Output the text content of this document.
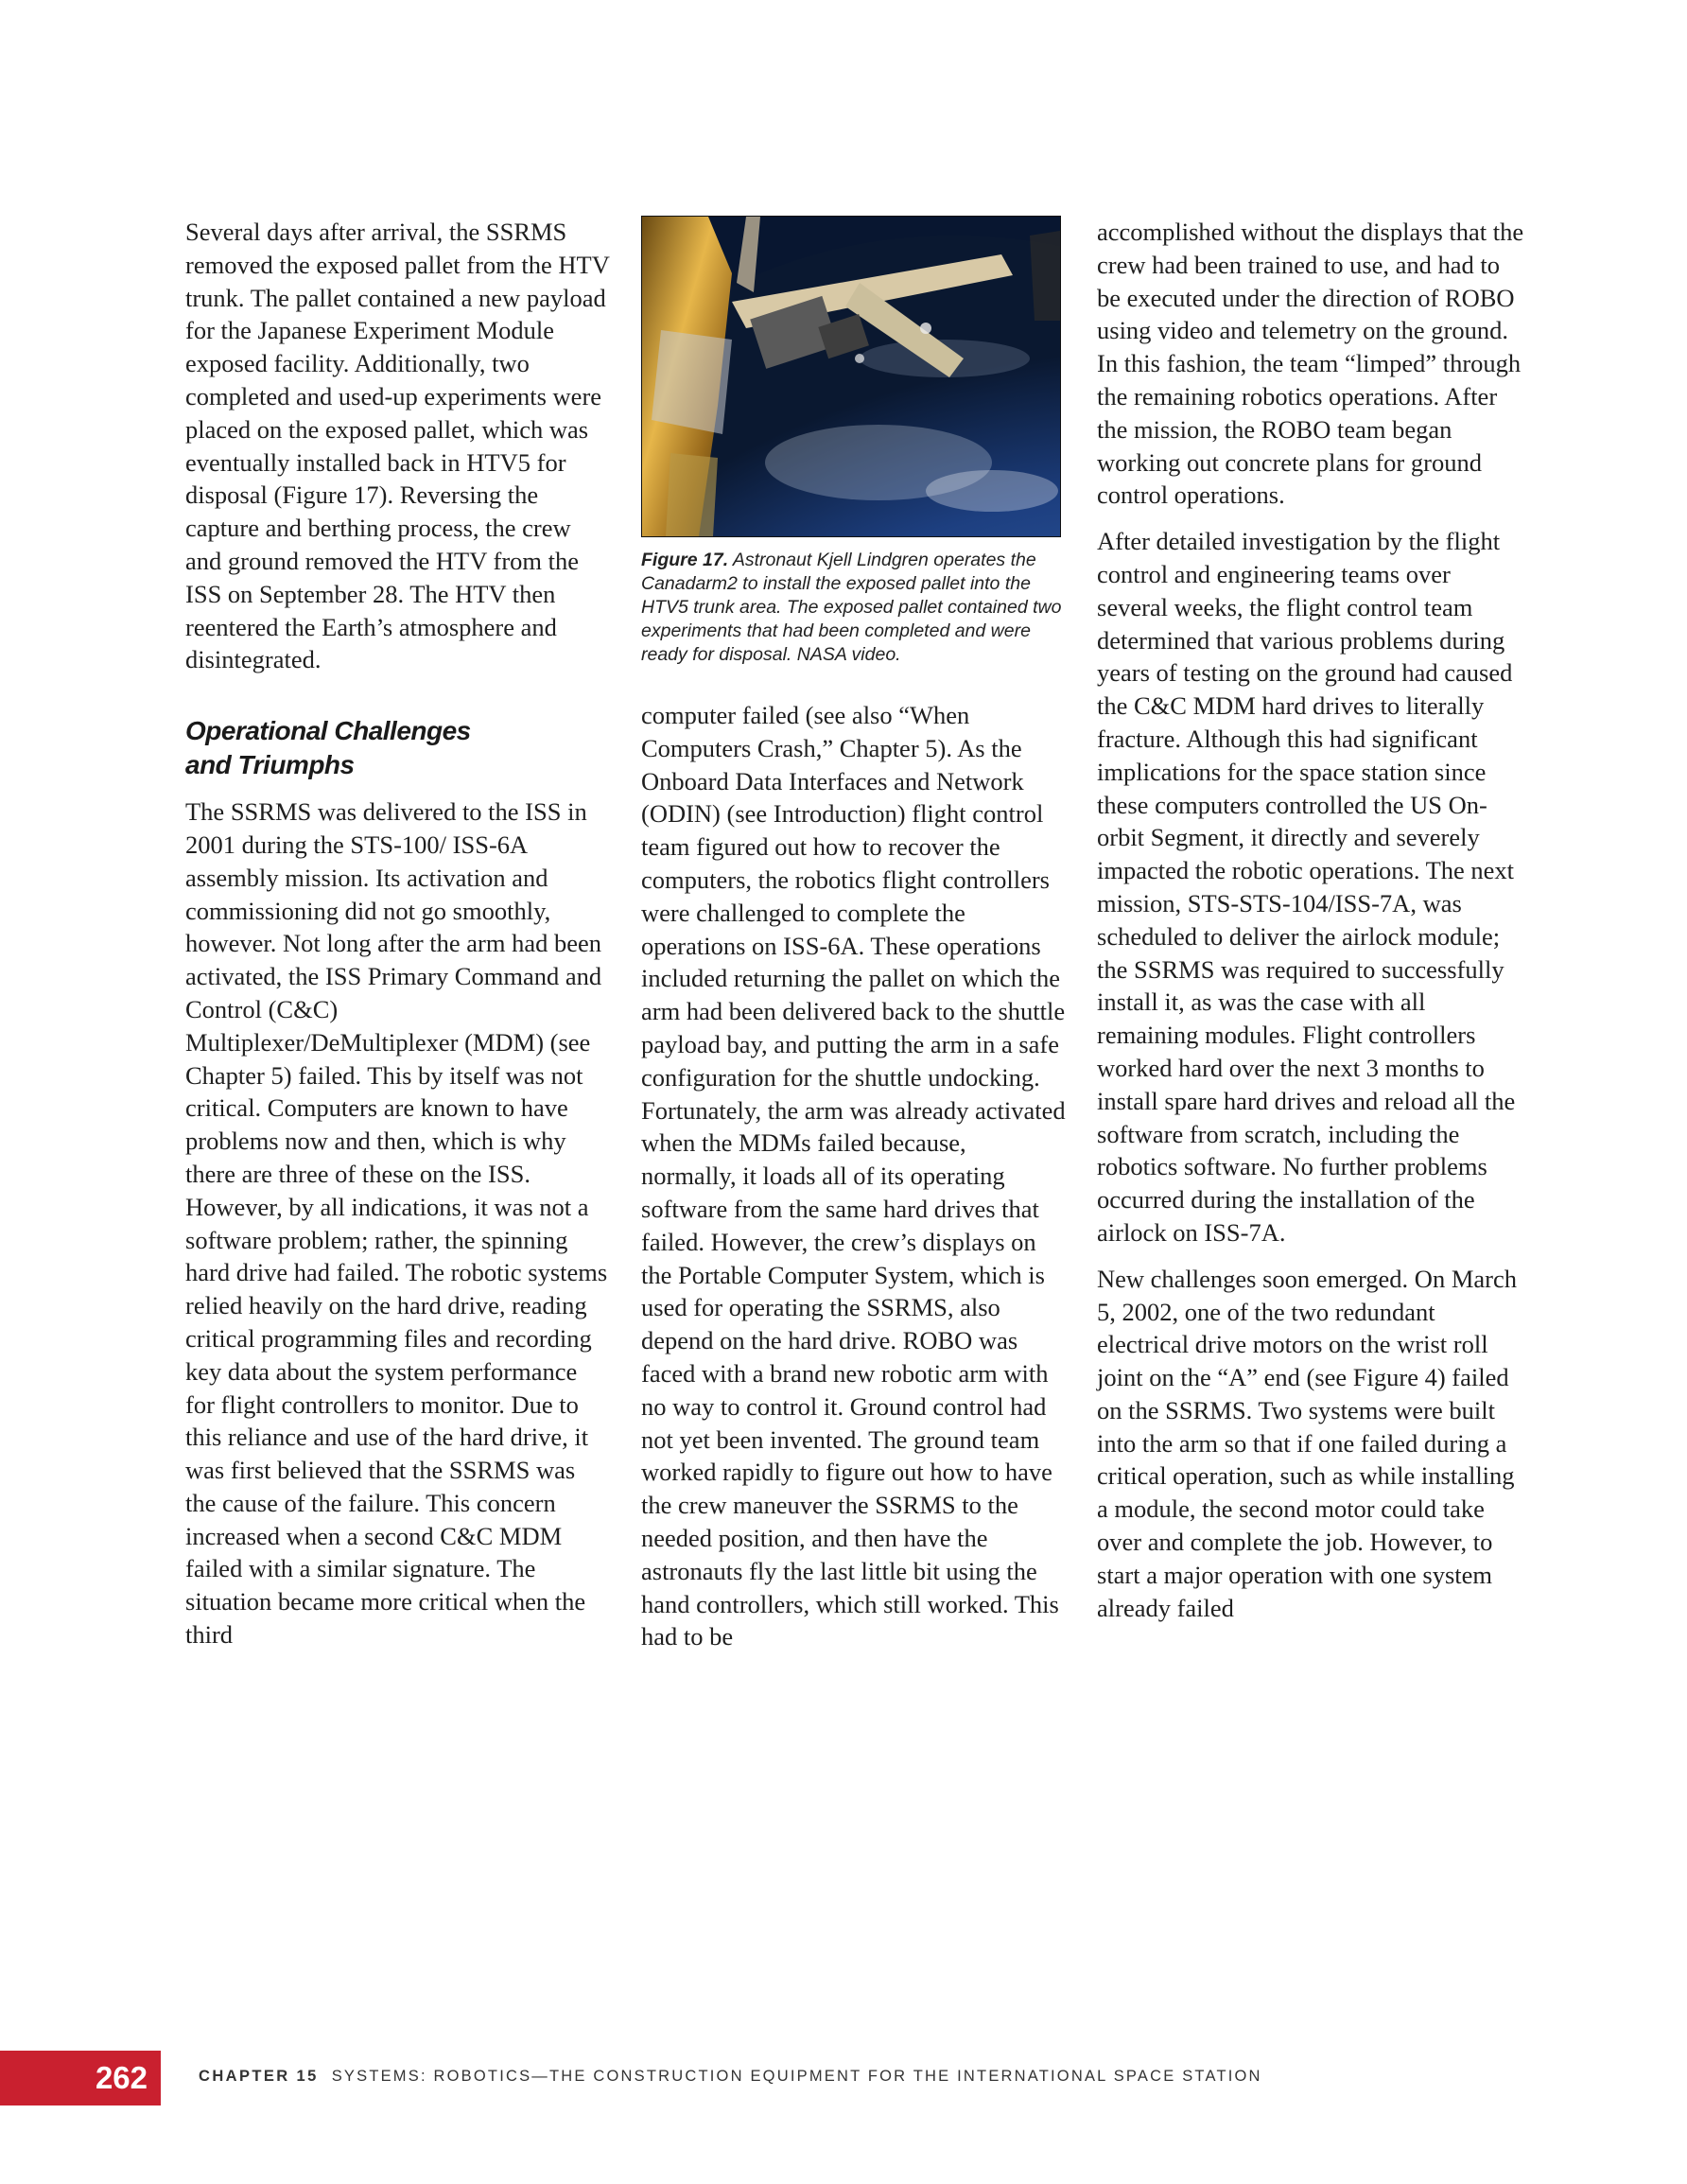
Several days after arrival, the SSRMS removed the exposed pallet from the HTV trunk. The pallet contained a new payload for the Japanese Experiment Module exposed facility. Additionally, two completed and used-up experiments were placed on the exposed pallet, which was eventually installed back in HTV5 for disposal (Figure 17). Reversing the capture and berthing process, the crew and ground removed the HTV from the ISS on September 28. The HTV then reentered the Earth’s atmosphere and disintegrated.

Operational Challenges and Triumphs

The SSRMS was delivered to the ISS in 2001 during the STS-100/ ISS-6A assembly mission. Its activation and commissioning did not go smoothly, however. Not long after the arm had been activated, the ISS Primary Command and Control (C&C) Multiplexer/DeMultiplexer (MDM) (see Chapter 5) failed. This by itself was not critical. Computers are known to have problems now and then, which is why there are three of these on the ISS. However, by all indications, it was not a software problem; rather, the spinning hard drive had failed. The robotic systems relied heavily on the hard drive, reading critical programming files and recording key data about the system performance for flight controllers to monitor. Due to this reliance and use of the hard drive, it was first believed that the SSRMS was the cause of the failure. This concern increased when a second C&C MDM failed with a similar signature. The situation became more critical when the third

Figure 17. Astronaut Kjell Lindgren operates the Canadarm2 to install the exposed pallet into the HTV5 trunk area. The exposed pallet contained two experiments that had been completed and were ready for disposal. NASA video.

computer failed (see also “When Computers Crash,” Chapter 5). As the Onboard Data Interfaces and Network (ODIN) (see Introduction) flight control team figured out how to recover the computers, the robotics flight controllers were challenged to complete the operations on ISS-6A. These operations included returning the pallet on which the arm had been delivered back to the shuttle payload bay, and putting the arm in a safe configuration for the shuttle undocking. Fortunately, the arm was already activated when the MDMs failed because, normally, it loads all of its operating software from the same hard drives that failed. However, the crew’s displays on the Portable Computer System, which is used for operating the SSRMS, also depend on the hard drive. ROBO was faced with a brand new robotic arm with no way to control it. Ground control had not yet been invented. The ground team worked rapidly to figure out how to have the crew maneuver the SSRMS to the needed position, and then have the astronauts fly the last little bit using the hand controllers, which still worked. This had to be

accomplished without the displays that the crew had been trained to use, and had to be executed under the direction of ROBO using video and telemetry on the ground. In this fashion, the team “limped” through the remaining robotics operations. After the mission, the ROBO team began working out concrete plans for ground control operations.

After detailed investigation by the flight control and engineering teams over several weeks, the flight control team determined that various problems during years of testing on the ground had caused the C&C MDM hard drives to literally fracture. Although this had significant implications for the space station since these computers controlled the US On-orbit Segment, it directly and severely impacted the robotic operations. The next mission, STS-STS-104/ISS-7A, was scheduled to deliver the airlock module; the SSRMS was required to successfully install it, as was the case with all remaining modules. Flight controllers worked hard over the next 3 months to install spare hard drives and reload all the software from scratch, including the robotics software. No further problems occurred during the installation of the airlock on ISS-7A.

New challenges soon emerged. On March 5, 2002, one of the two redundant electrical drive motors on the wrist roll joint on the “A” end (see Figure 4) failed on the SSRMS. Two systems were built into the arm so that if one failed during a critical operation, such as while installing a module, the second motor could take over and complete the job. However, to start a major operation with one system already failed

262	CHAPTER 15 SYSTEMS: ROBOTICS—THE CONSTRUCTION EQUIPMENT FOR THE INTERNATIONAL SPACE STATION
